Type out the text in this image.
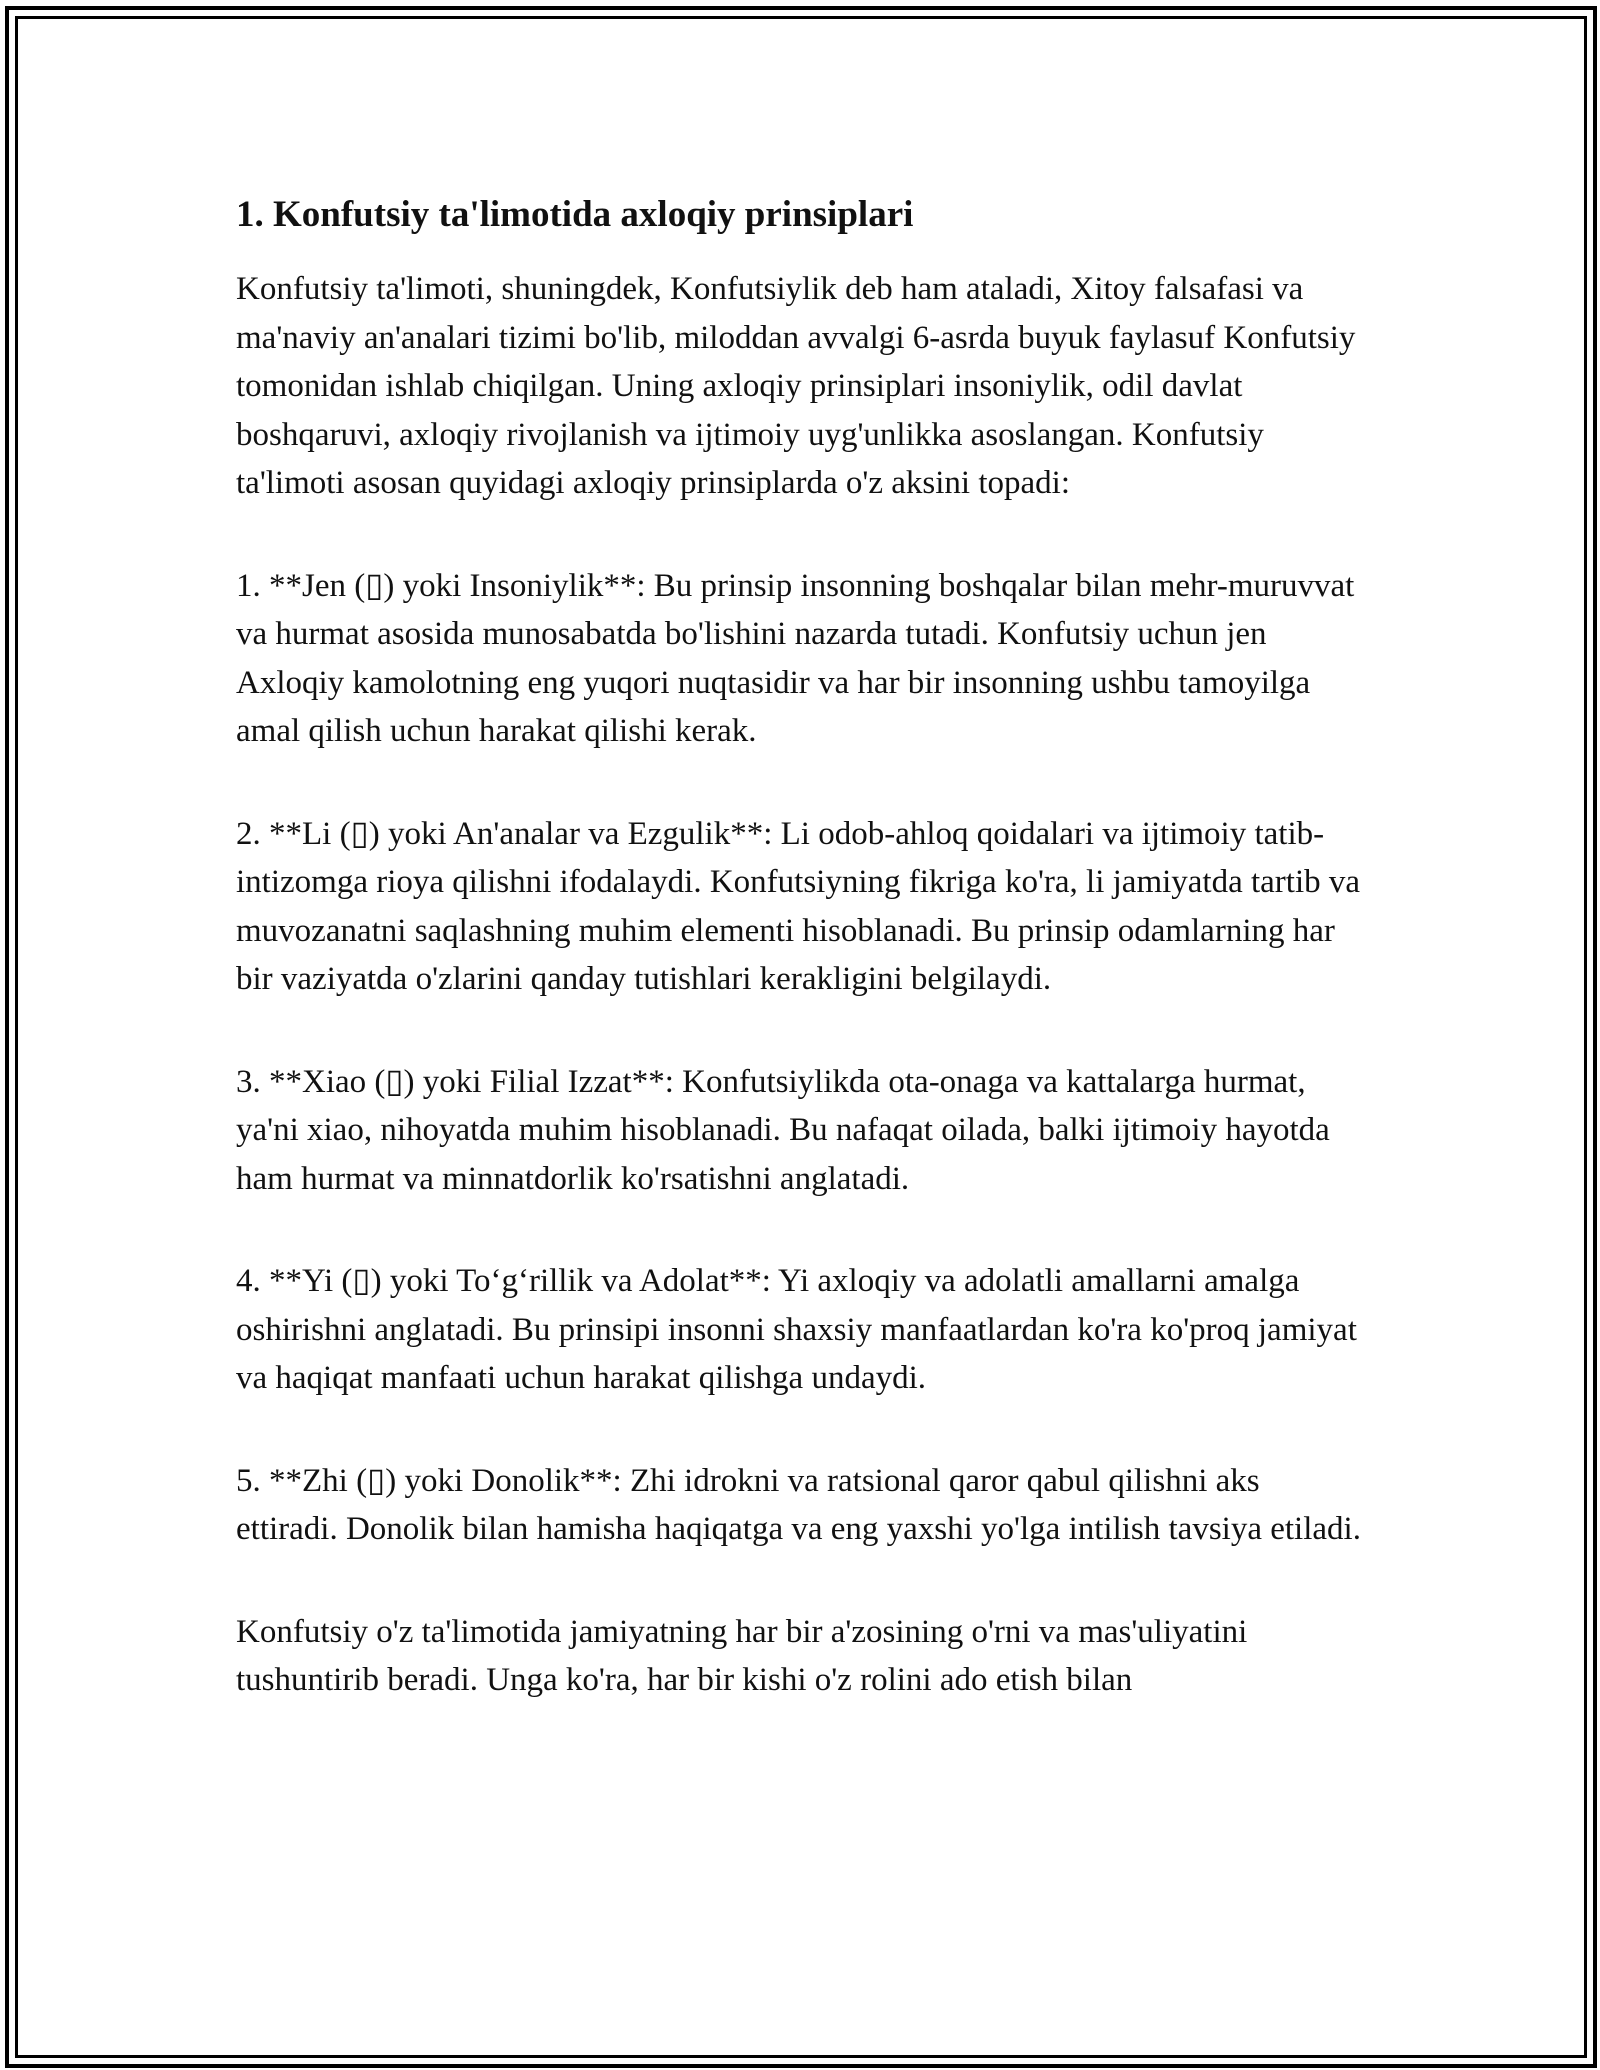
1. Konfutsiy ta'limotida axloqiy prinsiplari

Konfutsiy ta'limoti, shuningdek, Konfutsiylik deb ham ataladi, Xitoy falsafasi va ma'naviy an'analari tizimi bo'lib, miloddan avvalgi 6-asrda buyuk faylasuf Konfutsiy tomonidan ishlab chiqilgan. Uning axloqiy prinsiplari insoniylik, odil davlat boshqaruvi, axloqiy rivojlanish va ijtimoiy uyg'unlikka asoslangan. Konfutsiy ta'limoti asosan quyidagi axloqiy prinsiplarda o'z aksini topadi:

1. **Jen (▯) yoki Insoniylik**: Bu prinsip insonning boshqalar bilan mehr-muruvvat va hurmat asosida munosabatda bo'lishini nazarda tutadi. Konfutsiy uchun jen Axloqiy kamolotning eng yuqori nuqtasidir va har bir insonning ushbu tamoyilga amal qilish uchun harakat qilishi kerak.

2. **Li (▯) yoki An'analar va Ezgulik**: Li odob-ahloq qoidalari va ijtimoiy tatib-intizomga rioya qilishni ifodalaydi. Konfutsiyning fikriga ko'ra, li jamiyatda tartib va muvozanatni saqlashning muhim elementi hisoblanadi. Bu prinsip odamlarning har bir vaziyatda o'zlarini qanday tutishlari kerakligini belgilaydi.

3. **Xiao (▯) yoki Filial Izzat**: Konfutsiylikda ota-onaga va kattalarga hurmat, ya'ni xiao, nihoyatda muhim hisoblanadi. Bu nafaqat oilada, balki ijtimoiy hayotda ham hurmat va minnatdorlik ko'rsatishni anglatadi.

4. **Yi (▯) yoki To‘g‘rillik va Adolat**: Yi axloqiy va adolatli amallarni amalga oshirishni anglatadi. Bu prinsipi insonni shaxsiy manfaatlardan ko'ra ko'proq jamiyat va haqiqat manfaati uchun harakat qilishga undaydi.

5. **Zhi (▯) yoki Donolik**: Zhi idrokni va ratsional qaror qabul qilishni aks ettiradi. Donolik bilan hamisha haqiqatga va eng yaxshi yo'lga intilish tavsiya etiladi.

Konfutsiy o'z ta'limotida jamiyatning har bir a'zosining o'rni va mas'uliyatini tushuntirib beradi. Unga ko'ra, har bir kishi o'z rolini ado etish bilan
